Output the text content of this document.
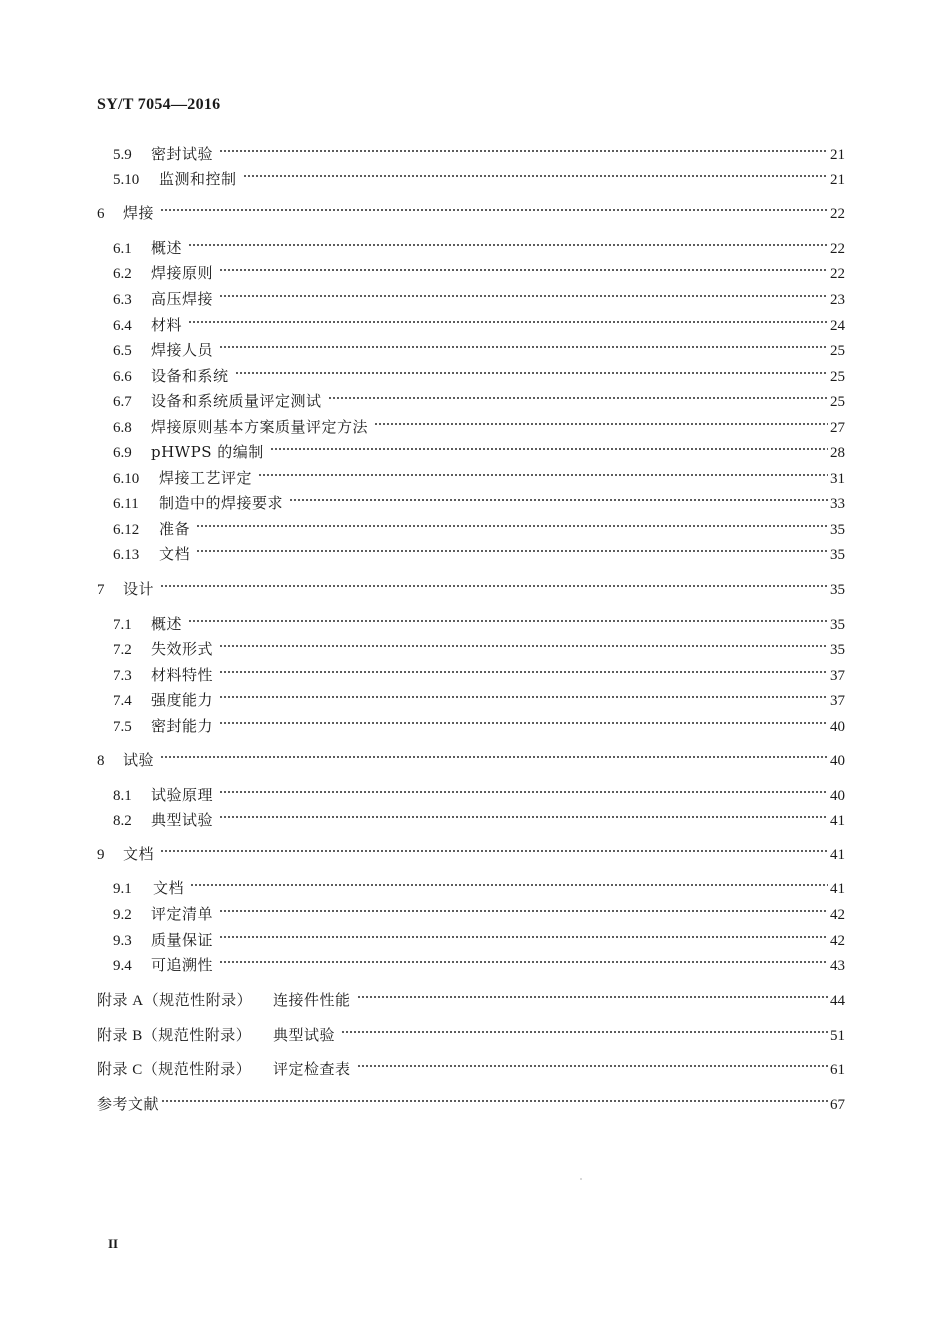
SY/T 7054—2016
5.9	密封试验	21
5.10	监测和控制	21
6	焊接	22
6.1	概述	22
6.2	焊接原则	22
6.3	高压焊接	23
6.4	材料	24
6.5	焊接人员	25
6.6	设备和系统	25
6.7	设备和系统质量评定测试	25
6.8	焊接原则基本方案质量评定方法	27
6.9	pHWPS 的编制	28
6.10	焊接工艺评定	31
6.11	制造中的焊接要求	33
6.12	准备	35
6.13	文档	35
7	设计	35
7.1	概述	35
7.2	失效形式	35
7.3	材料特性	37
7.4	强度能力	37
7.5	密封能力	40
8	试验	40
8.1	试验原理	40
8.2	典型试验	41
9	文档	41
9.1	文档	41
9.2	评定清单	42
9.3	质量保证	42
9.4	可追溯性	43
附录 A（规范性附录）	连接件性能	44
附录 B（规范性附录）	典型试验	51
附录 C（规范性附录）	评定检查表	61
参考文献	67
II
